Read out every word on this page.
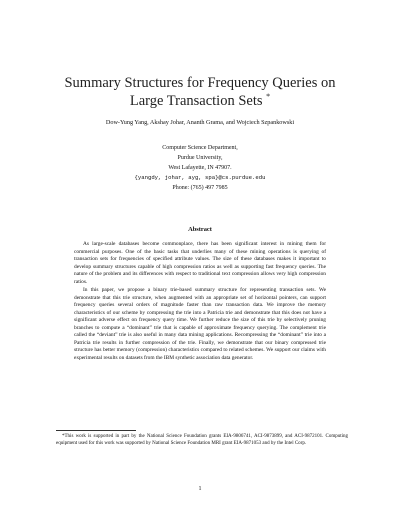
Summary Structures for Frequency Queries on
Large Transaction Sets *
Dow-Yung Yang, Akshay Johar, Ananth Grama, and Wojciech Szpankowski
Computer Science Department,
Purdue University,
West Lafayette, IN 47907.
{yangdy, johar, ayg, spa}@cs.purdue.edu
Phone: (765) 497 7985
Abstract

As large-scale databases become commonplace, there has been significant interest in mining them for commercial purposes. One of the basic tasks that underlies many of these mining operations is querying of transaction sets for frequencies of specified attribute values. The size of these databases makes it important to develop summary structures capable of high compression ratios as well as supporting fast frequency queries. The nature of the problem and its differences with respect to traditional text compression allows very high compression ratios.

In this paper, we propose a binary trie-based summary structure for representing transaction sets. We demonstrate that this trie structure, when augmented with an appropriate set of horizontal pointers, can support frequency queries several orders of magnitude faster than raw transaction data. We improve the memory characteristics of our scheme by compressing the trie into a Patricia trie and demonstrate that this does not have a significant adverse effect on frequency query time. We further reduce the size of this trie by selectively pruning branches to compute a “dominant” trie that is capable of approximate frequency querying. The complement trie called the “deviant” trie is also useful in many data mining applications. Recompressing the “dominant” trie into a Patricia trie results in further compression of the trie. Finally, we demonstrate that our binary compressed trie structure has better memory (compression) characteristics compared to related schemes. We support our claims with experimental results on datasets from the IBM synthetic association data generator.

*This work is supported in part by the National Science Foundation grants EIA-9806741, ACI-9873899, and ACI-9872101. Computing equipment used for this work was supported by National Science Foundation MRI grant EIA-9871053 and by the Intel Corp.

1
